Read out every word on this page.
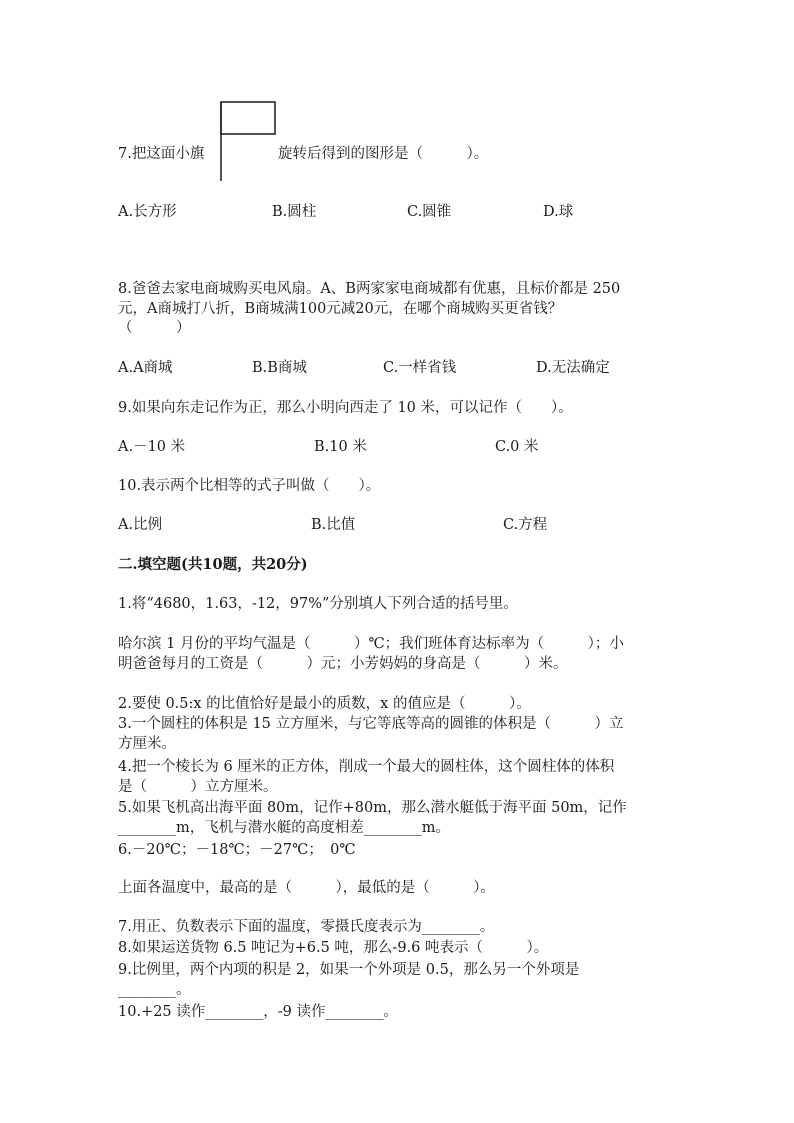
7.把这面小旗	旋转后得到的图形是（　　　）。
A.长方形	B.圆柱	C.圆锥	D.球
8.爸爸去家电商城购买电风扇。A、B两家家电商城都有优惠，且标价都是 250
元，A商城打八折，B商城满100元减20元，在哪个商城购买更省钱？
（　　　）
A.A商城	B.B商城	C.一样省钱	D.无法确定
9.如果向东走记作为正，那么小明向西走了 10 米，可以记作（　　）。
A.－10 米	B.10 米	C.0 米
10.表示两个比相等的式子叫做（　　）。
A.比例	B.比值	C.方程
二.填空题(共10题，共20分)
1.将“4680，1.63，-12，97%”分别填人下列合适的括号里。
哈尔滨 1 月份的平均气温是（　　　）℃；我们班体育达标率为（　　　）；小
明爸爸每月的工资是（　　　）元；小芳妈妈的身高是（　　　）米。
2.要使 0.5:x 的比值恰好是最小的质数，x 的值应是（　　　）。
3.一个圆柱的体积是 15 立方厘米，与它等底等高的圆锥的体积是（　　　）立
方厘米。
4.把一个棱长为 6 厘米的正方体，削成一个最大的圆柱体，这个圆柱体的体积
是（　　　）立方厘米。
5.如果飞机高出海平面 80m，记作+80m，那么潜水艇低于海平面 50m，记作
________m，飞机与潜水艇的高度相差________m。
6.－20℃；－18℃；－27℃；　0℃
上面各温度中，最高的是（　　　），最低的是（　　　）。
7.用正、负数表示下面的温度，零摄氏度表示为________。
8.如果运送货物 6.5 吨记为+6.5 吨，那么-9.6 吨表示（　　　）。
9.比例里，两个内项的积是 2，如果一个外项是 0.5，那么另一个外项是
________。
10.+25 读作________，-9 读作________。
